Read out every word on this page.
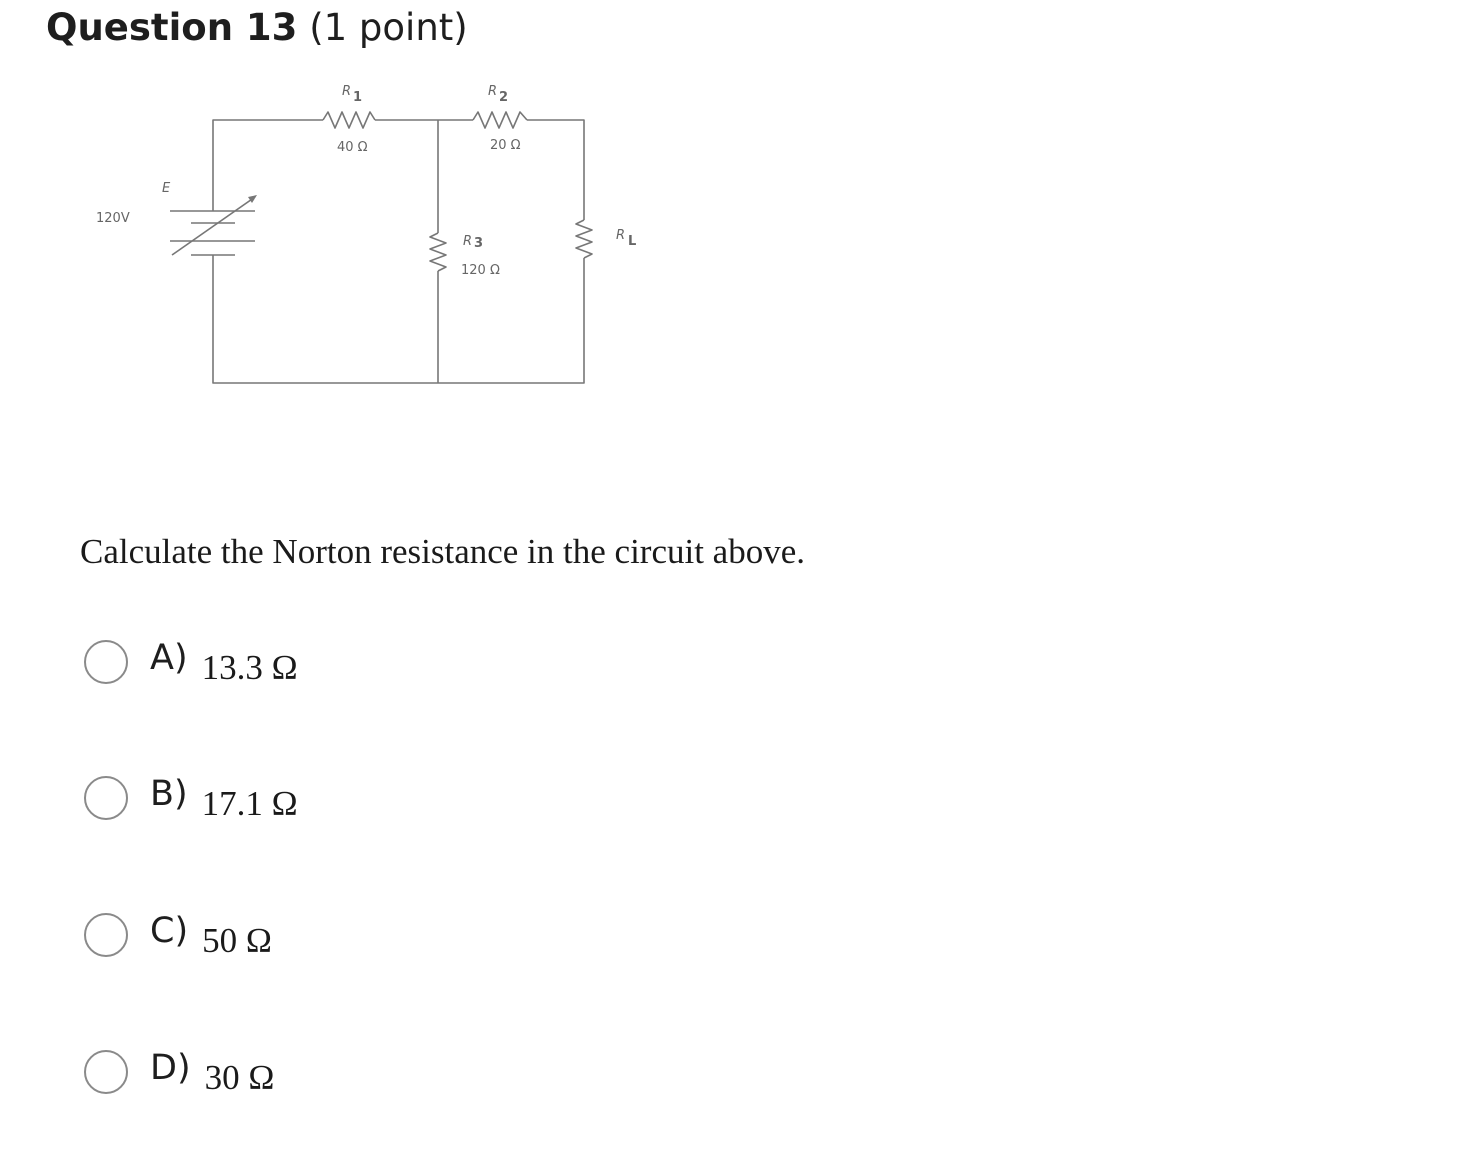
Question 13 (1 point)
E
120V
R 1
40 Ω
R 2
20 Ω
R 3
120 Ω
R L
Calculate the Norton resistance in the circuit above.
A) 13.3 Ω
B) 17.1 Ω
C) 50 Ω
D) 30 Ω
